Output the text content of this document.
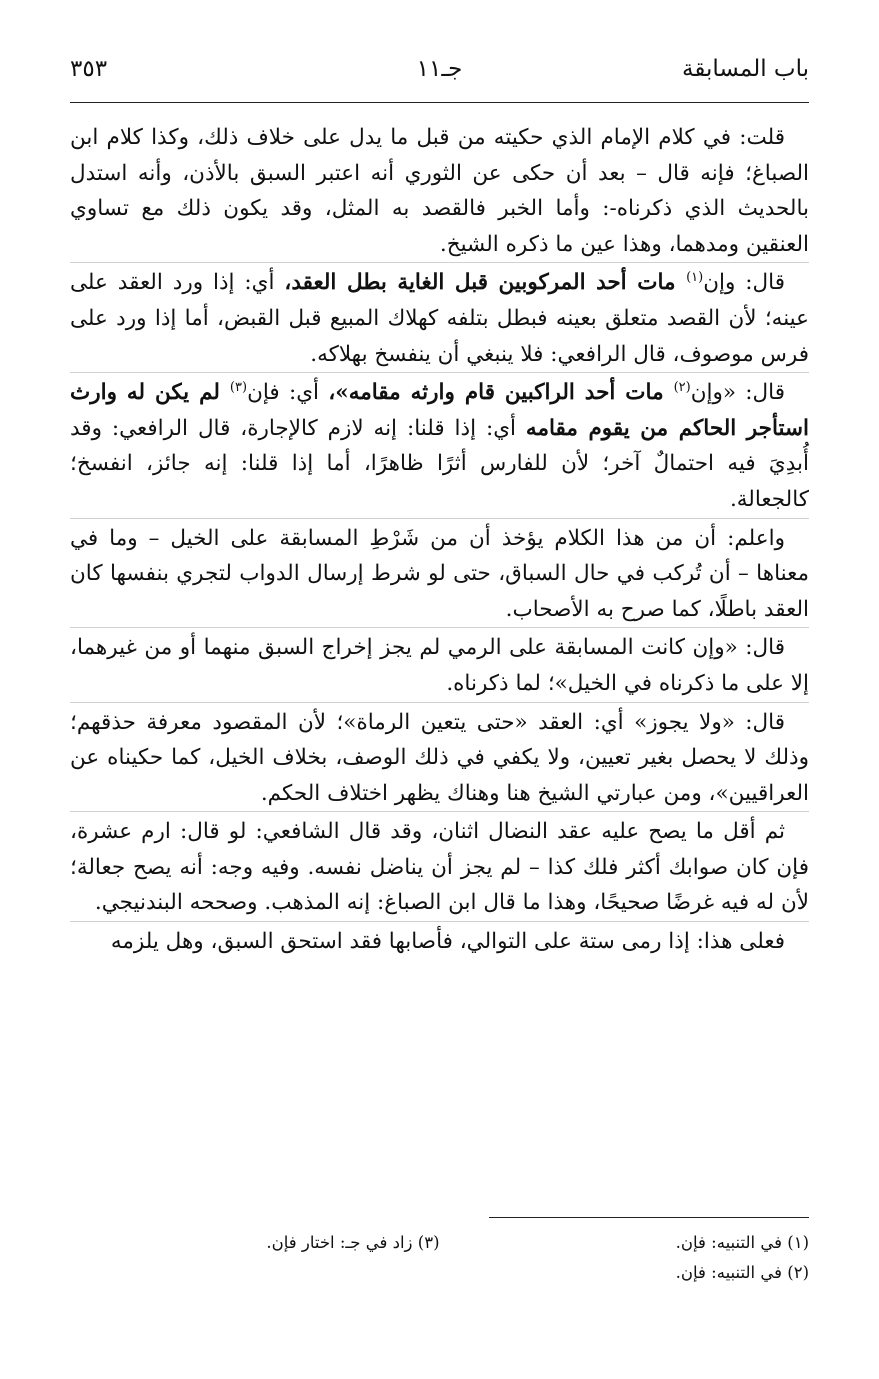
باب المسابقة
جـ١١
٣٥٣

قلت: في كلام الإمام الذي حكيته من قبل ما يدل على خلاف ذلك، وكذا كلام ابن الصباغ؛ فإنه قال – بعد أن حكى عن الثوري أنه اعتبر السبق بالأذن، وأنه استدل بالحديث الذي ذكرناه-: وأما الخبر فالقصد به المثل، وقد يكون ذلك مع تساوي العنقين ومدهما، وهذا عين ما ذكره الشيخ.

قال: وإن$^{(١)}$ مات أحد المركوبين قبل الغاية بطل العقد، أي: إذا ورد العقد على عينه؛ لأن القصد متعلق بعينه فبطل بتلفه كهلاك المبيع قبل القبض، أما إذا ورد على فرس موصوف، قال الرافعي: فلا ينبغي أن ينفسخ بهلاكه.

قال: «وإن$^{(٢)}$ مات أحد الراكبين قام وارثه مقامه»، أي: فإن$^{(٣)}$ لم يكن له وارث استأجر الحاكم من يقوم مقامه أي: إذا قلنا: إنه لازم كالإجارة، قال الرافعي: وقد أُبدِيَ فيه احتمالٌ آخر؛ لأن للفارس أثرًا ظاهرًا، أما إذا قلنا: إنه جائز، انفسخ؛ كالجعالة.

واعلم: أن من هذا الكلام يؤخذ أن من شَرْطِ المسابقة على الخيل – وما في معناها – أن تُركب في حال السباق، حتى لو شرط إرسال الدواب لتجري بنفسها كان العقد باطلًا، كما صرح به الأصحاب.

قال: «وإن كانت المسابقة على الرمي لم يجز إخراج السبق منهما أو من غيرهما، إلا على ما ذكرناه في الخيل»؛ لما ذكرناه.

قال: «ولا يجوز» أي: العقد «حتى يتعين الرماة»؛ لأن المقصود معرفة حذقهم؛ وذلك لا يحصل بغير تعيين، ولا يكفي في ذلك الوصف، بخلاف الخيل، كما حكيناه عن العراقيين»، ومن عبارتي الشيخ هنا وهناك يظهر اختلاف الحكم.

ثم أقل ما يصح عليه عقد النضال اثنان، وقد قال الشافعي: لو قال: ارم عشرة، فإن كان صوابك أكثر فلك كذا – لم يجز أن يناضل نفسه. وفيه وجه: أنه يصح جعالة؛ لأن له فيه غرضًا صحيحًا، وهذا ما قال ابن الصباغ: إنه المذهب. وصححه البندنيجي.

فعلى هذا: إذا رمى ستة على التوالي، فأصابها فقد استحق السبق، وهل يلزمه

(١) في التنبيه: فإن.
(٣) زاد في جـ: اختار فإن.
(٢) في التنبيه: فإن.
